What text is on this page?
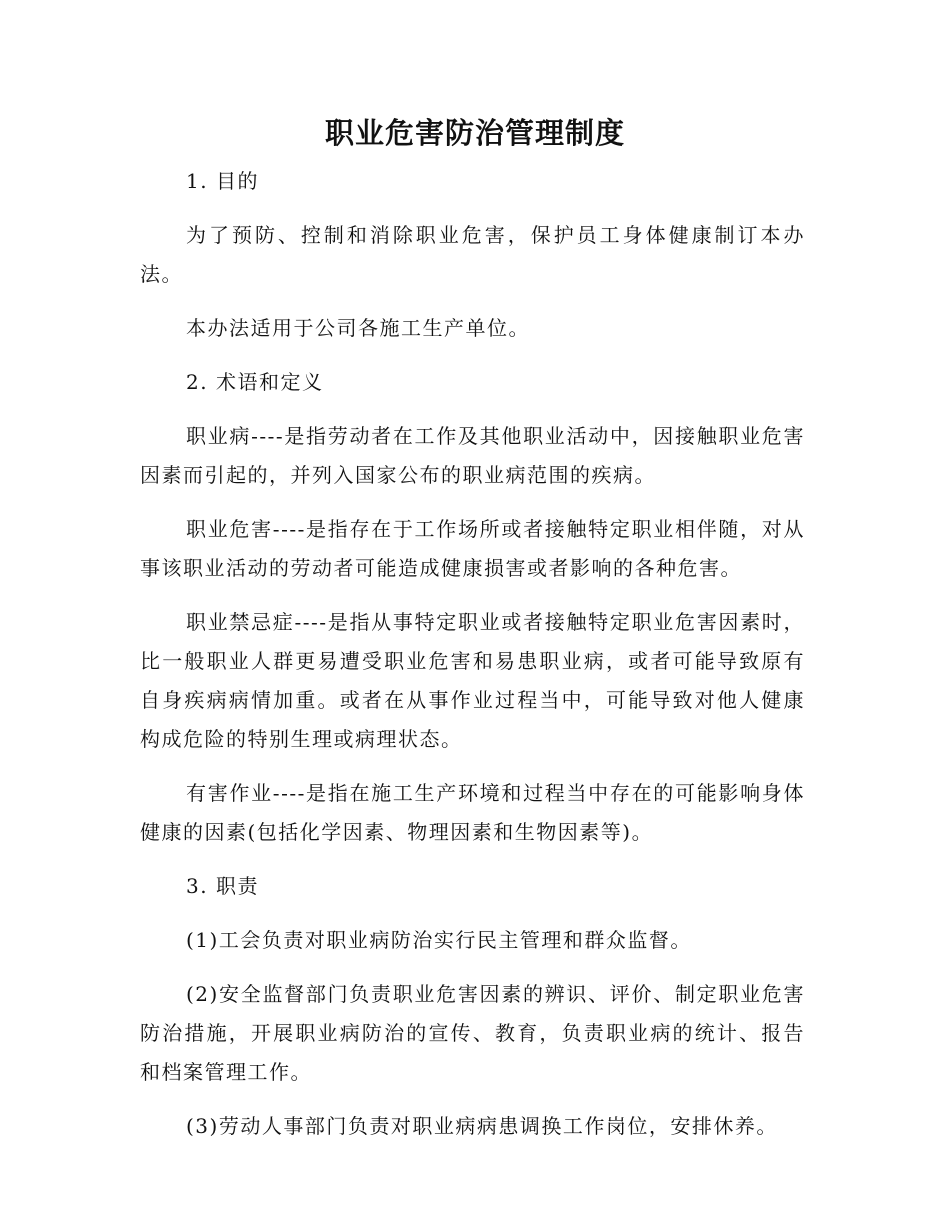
职业危害防治管理制度

1. 目的

为了预防、控制和消除职业危害，保护员工身体健康制订本办法。

本办法适用于公司各施工生产单位。

2. 术语和定义

职业病----是指劳动者在工作及其他职业活动中，因接触职业危害因素而引起的，并列入国家公布的职业病范围的疾病。

职业危害----是指存在于工作场所或者接触特定职业相伴随，对从事该职业活动的劳动者可能造成健康损害或者影响的各种危害。

职业禁忌症----是指从事特定职业或者接触特定职业危害因素时，比一般职业人群更易遭受职业危害和易患职业病，或者可能导致原有自身疾病病情加重。或者在从事作业过程当中，可能导致对他人健康构成危险的特别生理或病理状态。

有害作业----是指在施工生产环境和过程当中存在的可能影响身体健康的因素(包括化学因素、物理因素和生物因素等)。

3. 职责

(1)工会负责对职业病防治实行民主管理和群众监督。

(2)安全监督部门负责职业危害因素的辨识、评价、制定职业危害防治措施，开展职业病防治的宣传、教育，负责职业病的统计、报告和档案管理工作。

(3)劳动人事部门负责对职业病病患调换工作岗位，安排休养。
